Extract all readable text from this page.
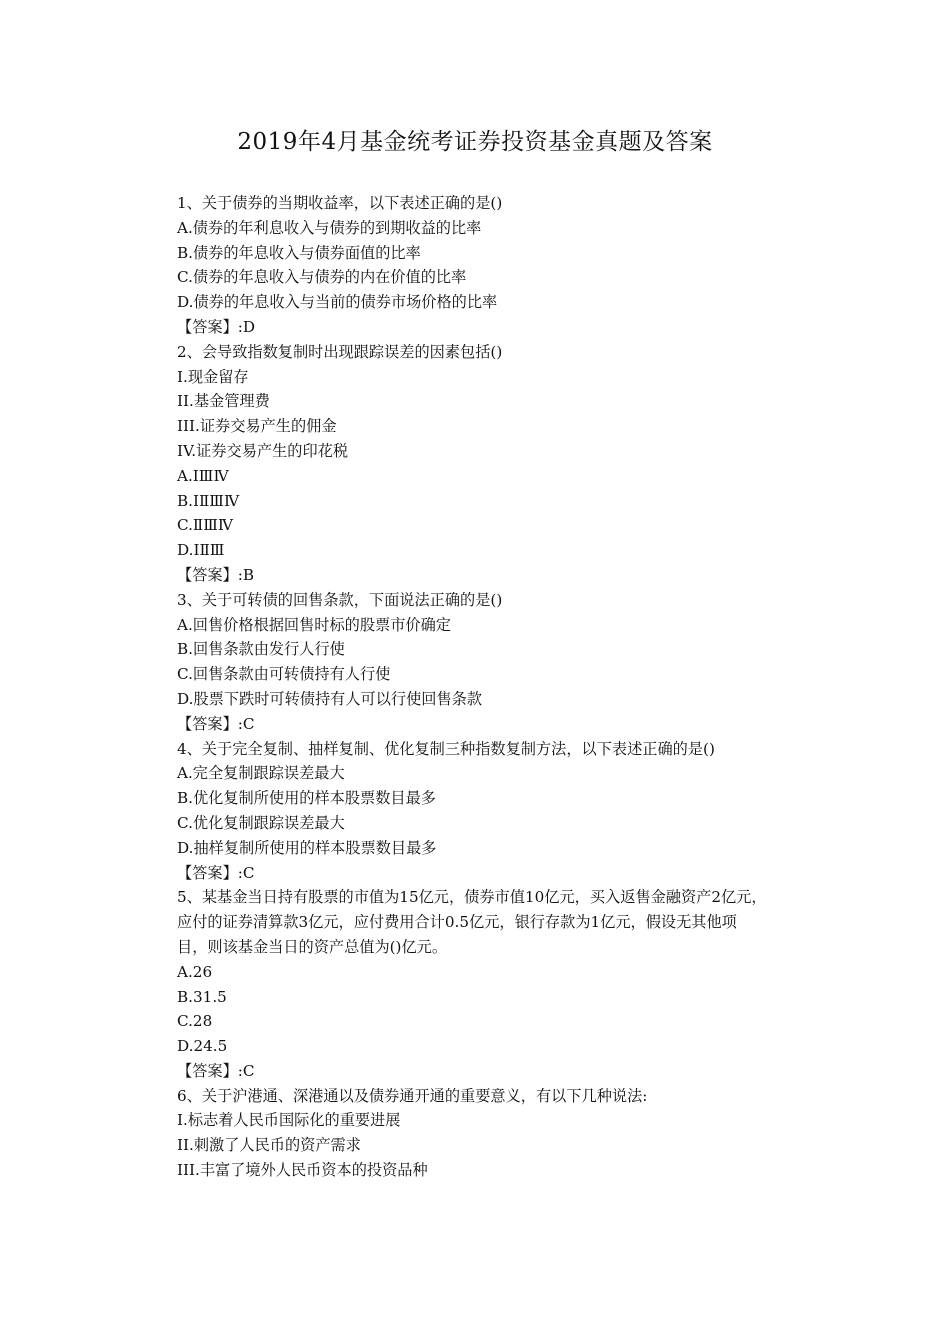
2019年4月基金统考证券投资基金真题及答案
1、关于债券的当期收益率，以下表述正确的是()
A.债券的年利息收入与债券的到期收益的比率
B.债券的年息收入与债券面值的比率
C.债券的年息收入与债券的内在价值的比率
D.债券的年息收入与当前的债券市场价格的比率
【答案】:D
2、会导致指数复制时出现跟踪误差的因素包括()
I.现金留存
II.基金管理费
III.证券交易产生的佣金
IV.证券交易产生的印花税
A.ⅠⅢⅣ
B.ⅠⅡⅢⅣ
C.ⅡⅢⅣ
D.ⅠⅡⅢ
【答案】:B
3、关于可转债的回售条款，下面说法正确的是()
A.回售价格根据回售时标的股票市价确定
B.回售条款由发行人行使
C.回售条款由可转债持有人行使
D.股票下跌时可转债持有人可以行使回售条款
【答案】:C
4、关于完全复制、抽样复制、优化复制三种指数复制方法，以下表述正确的是()
A.完全复制跟踪误差最大
B.优化复制所使用的样本股票数目最多
C.优化复制跟踪误差最大
D.抽样复制所使用的样本股票数目最多
【答案】:C
5、某基金当日持有股票的市值为15亿元，债券市值10亿元，买入返售金融资产2亿元，应付的证券清算款3亿元，应付费用合计0.5亿元，银行存款为1亿元，假设无其他项目，则该基金当日的资产总值为()亿元。
A.26
B.31.5
C.28
D.24.5
【答案】:C
6、关于沪港通、深港通以及债券通开通的重要意义，有以下几种说法:
I.标志着人民币国际化的重要进展
II.刺激了人民币的资产需求
III.丰富了境外人民币资本的投资品种
